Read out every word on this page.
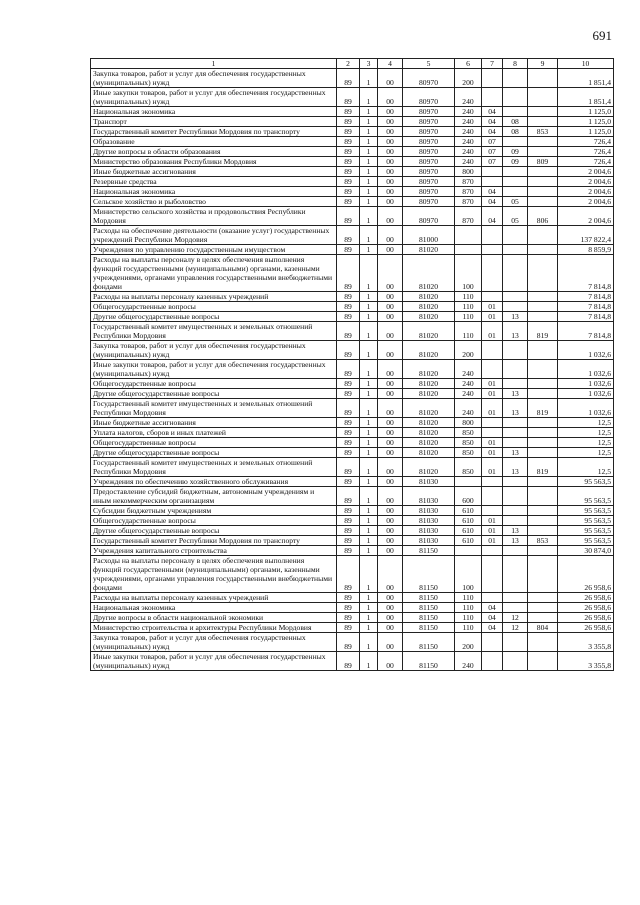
691
1	2	3	4	5	6	7	8	9	10
Закупка товаров, работ и услуг для обеспечения государственных (муниципальных) нужд	89	1	00	80970	200				1 851,4
Иные закупки товаров, работ и услуг для обеспечения государственных (муниципальных) нужд	89	1	00	80970	240				1 851,4
Национальная экономика	89	1	00	80970	240	04			1 125,0
Транспорт	89	1	00	80970	240	04	08		1 125,0
Государственный комитет Республики Мордовия по транспорту	89	1	00	80970	240	04	08	853	1 125,0
Образование	89	1	00	80970	240	07			726,4
Другие вопросы в области образования	89	1	00	80970	240	07	09		726,4
Министерство образования Республики Мордовия	89	1	00	80970	240	07	09	809	726,4
Иные бюджетные ассигнования	89	1	00	80970	800				2 004,6
Резервные средства	89	1	00	80970	870				2 004,6
Национальная экономика	89	1	00	80970	870	04			2 004,6
Сельское хозяйство и рыболовство	89	1	00	80970	870	04	05		2 004,6
Министерство сельского хозяйства и продовольствия Республики Мордовия	89	1	00	80970	870	04	05	806	2 004,6
Расходы на обеспечение деятельности (оказание услуг) государственных учреждений Республики Мордовия	89	1	00	81000					137 822,4
Учреждения по управлению государственным имуществом	89	1	00	81020					8 859,9
Расходы на выплаты персоналу в целях обеспечения выполнения функций государственными (муниципальными) органами, казенными учреждениями, органами управления государственными внебюджетными фондами	89	1	00	81020	100				7 814,8
Расходы на выплаты персоналу казенных учреждений	89	1	00	81020	110				7 814,8
Общегосударственные вопросы	89	1	00	81020	110	01			7 814,8
Другие общегосударственные вопросы	89	1	00	81020	110	01	13		7 814,8
Государственный комитет имущественных и земельных отношений Республики Мордовия	89	1	00	81020	110	01	13	819	7 814,8
Закупка товаров, работ и услуг для обеспечения государственных (муниципальных) нужд	89	1	00	81020	200				1 032,6
Иные закупки товаров, работ и услуг для обеспечения государственных (муниципальных) нужд	89	1	00	81020	240				1 032,6
Общегосударственные вопросы	89	1	00	81020	240	01			1 032,6
Другие общегосударственные вопросы	89	1	00	81020	240	01	13		1 032,6
Государственный комитет имущественных и земельных отношений Республики Мордовия	89	1	00	81020	240	01	13	819	1 032,6
Иные бюджетные ассигнования	89	1	00	81020	800				12,5
Уплата налогов, сборов и иных платежей	89	1	00	81020	850				12,5
Общегосударственные вопросы	89	1	00	81020	850	01			12,5
Другие общегосударственные вопросы	89	1	00	81020	850	01	13		12,5
Государственный комитет имущественных и земельных отношений Республики Мордовия	89	1	00	81020	850	01	13	819	12,5
Учреждения по обеспечению хозяйственного обслуживания	89	1	00	81030					95 563,5
Предоставление субсидий бюджетным, автономным учреждениям и иным некоммерческим организациям	89	1	00	81030	600				95 563,5
Субсидии бюджетным учреждениям	89	1	00	81030	610				95 563,5
Общегосударственные вопросы	89	1	00	81030	610	01			95 563,5
Другие общегосударственные вопросы	89	1	00	81030	610	01	13		95 563,5
Государственный комитет Республики Мордовия по транспорту	89	1	00	81030	610	01	13	853	95 563,5
Учреждения капитального строительства	89	1	00	81150					30 874,0
Расходы на выплаты персоналу в целях обеспечения выполнения функций государственными (муниципальными) органами, казенными учреждениями, органами управления государственными внебюджетными фондами	89	1	00	81150	100				26 958,6
Расходы на выплаты персоналу казенных учреждений	89	1	00	81150	110				26 958,6
Национальная экономика	89	1	00	81150	110	04			26 958,6
Другие вопросы в области национальной экономики	89	1	00	81150	110	04	12		26 958,6
Министерство строительства и архитектуры Республики Мордовия	89	1	00	81150	110	04	12	804	26 958,6
Закупка товаров, работ и услуг для обеспечения государственных (муниципальных) нужд	89	1	00	81150	200				3 355,8
Иные закупки товаров, работ и услуг для обеспечения государственных (муниципальных) нужд	89	1	00	81150	240				3 355,8
